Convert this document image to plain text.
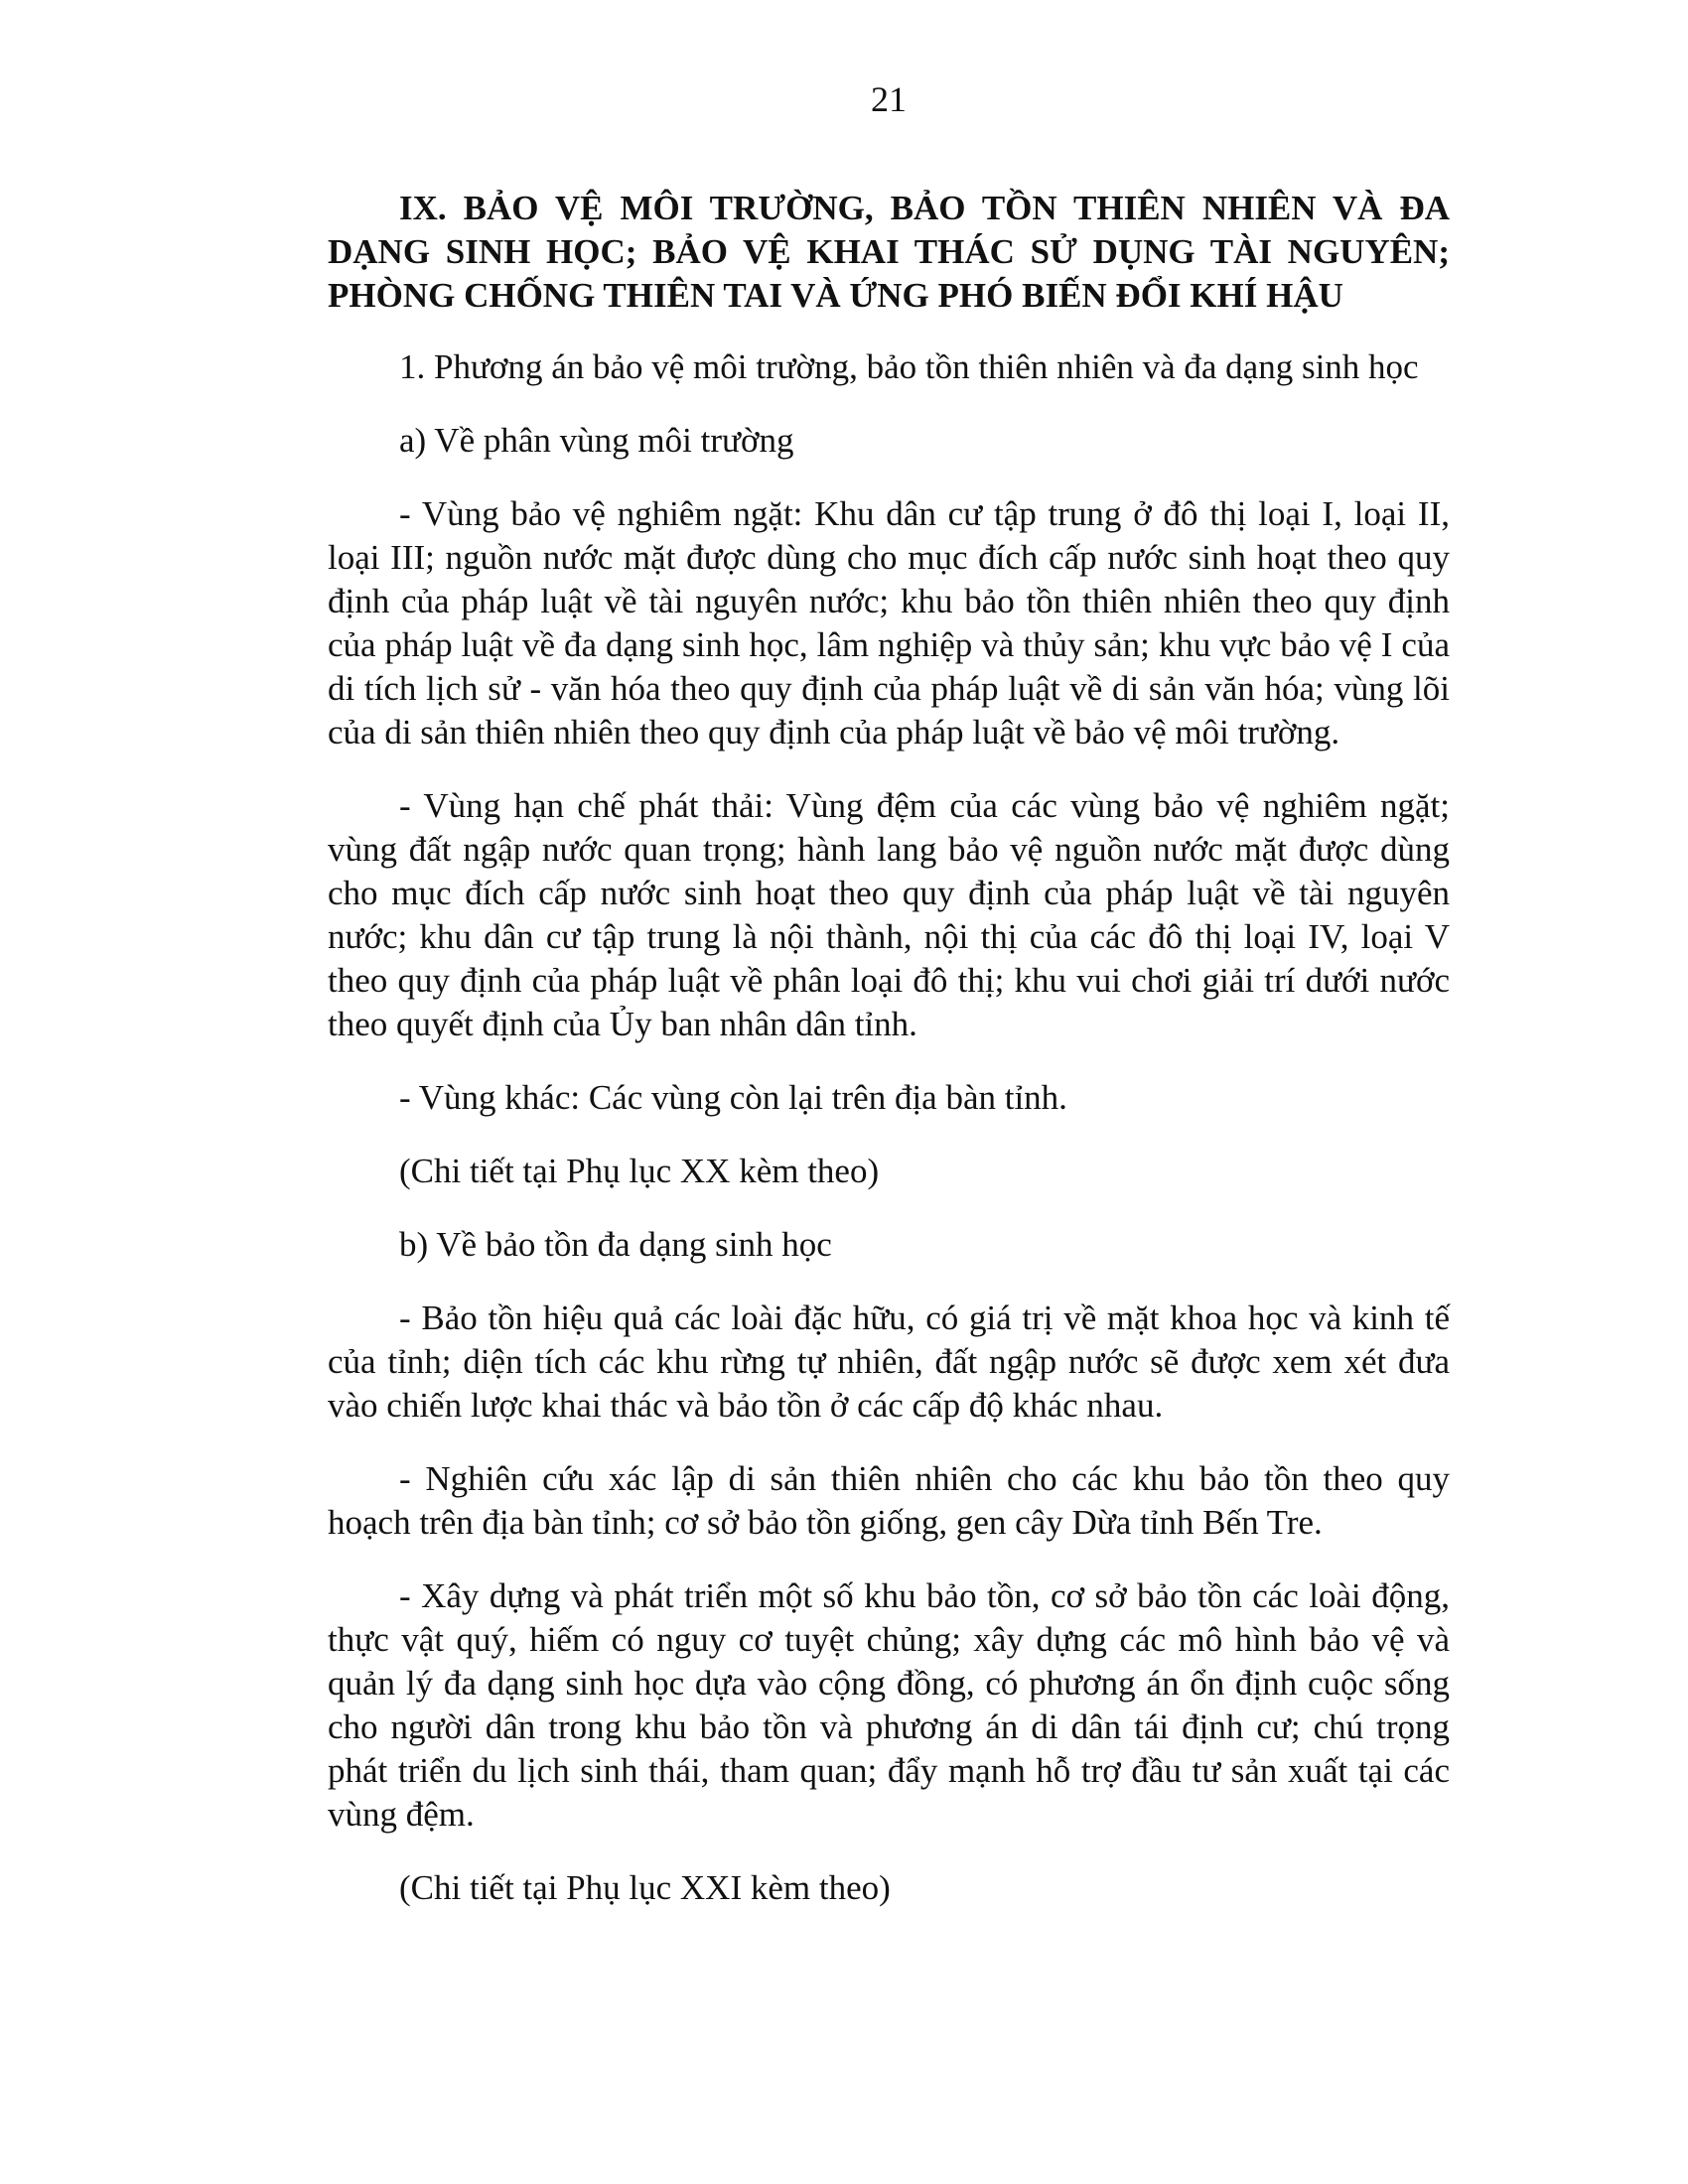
21
IX. BẢO VỆ MÔI TRƯỜNG, BẢO TỒN THIÊN NHIÊN VÀ ĐA DẠNG SINH HỌC; BẢO VỆ KHAI THÁC SỬ DỤNG TÀI NGUYÊN; PHÒNG CHỐNG THIÊN TAI VÀ ỨNG PHÓ BIẾN ĐỔI KHÍ HẬU

1. Phương án bảo vệ môi trường, bảo tồn thiên nhiên và đa dạng sinh học

a) Về phân vùng môi trường

- Vùng bảo vệ nghiêm ngặt: Khu dân cư tập trung ở đô thị loại I, loại II, loại III; nguồn nước mặt được dùng cho mục đích cấp nước sinh hoạt theo quy định của pháp luật về tài nguyên nước; khu bảo tồn thiên nhiên theo quy định của pháp luật về đa dạng sinh học, lâm nghiệp và thủy sản; khu vực bảo vệ I của di tích lịch sử - văn hóa theo quy định của pháp luật về di sản văn hóa; vùng lõi của di sản thiên nhiên theo quy định của pháp luật về bảo vệ môi trường.

- Vùng hạn chế phát thải: Vùng đệm của các vùng bảo vệ nghiêm ngặt; vùng đất ngập nước quan trọng; hành lang bảo vệ nguồn nước mặt được dùng cho mục đích cấp nước sinh hoạt theo quy định của pháp luật về tài nguyên nước; khu dân cư tập trung là nội thành, nội thị của các đô thị loại IV, loại V theo quy định của pháp luật về phân loại đô thị; khu vui chơi giải trí dưới nước theo quyết định của Ủy ban nhân dân tỉnh.

- Vùng khác: Các vùng còn lại trên địa bàn tỉnh.

(Chi tiết tại Phụ lục XX kèm theo)

b) Về bảo tồn đa dạng sinh học

- Bảo tồn hiệu quả các loài đặc hữu, có giá trị về mặt khoa học và kinh tế của tỉnh; diện tích các khu rừng tự nhiên, đất ngập nước sẽ được xem xét đưa vào chiến lược khai thác và bảo tồn ở các cấp độ khác nhau.

- Nghiên cứu xác lập di sản thiên nhiên cho các khu bảo tồn theo quy hoạch trên địa bàn tỉnh; cơ sở bảo tồn giống, gen cây Dừa tỉnh Bến Tre.

- Xây dựng và phát triển một số khu bảo tồn, cơ sở bảo tồn các loài động, thực vật quý, hiếm có nguy cơ tuyệt chủng; xây dựng các mô hình bảo vệ và quản lý đa dạng sinh học dựa vào cộng đồng, có phương án ổn định cuộc sống cho người dân trong khu bảo tồn và phương án di dân tái định cư; chú trọng phát triển du lịch sinh thái, tham quan; đẩy mạnh hỗ trợ đầu tư sản xuất tại các vùng đệm.

(Chi tiết tại Phụ lục XXI kèm theo)
